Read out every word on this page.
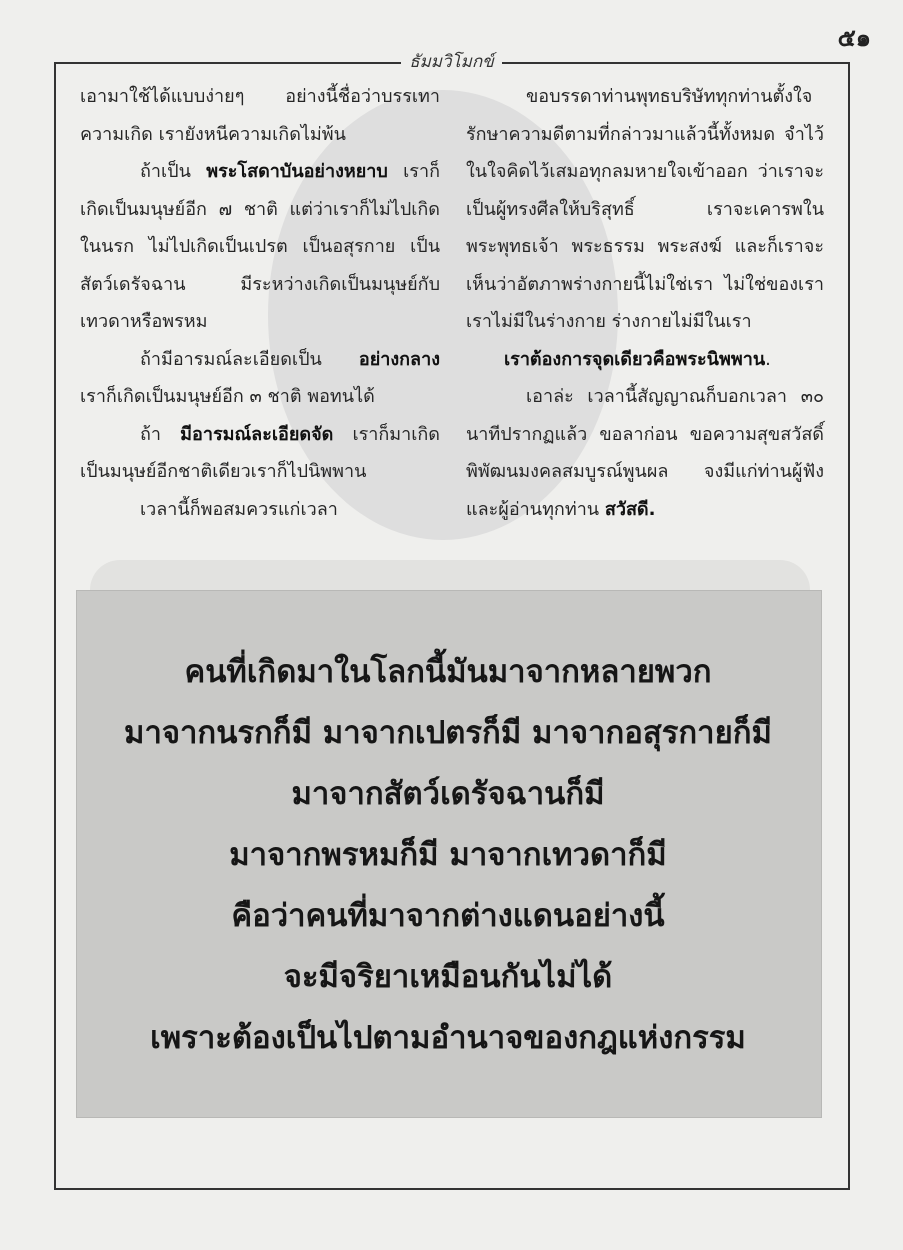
๕๑
ธัมมวิโมกข์

เอามาใช้ได้แบบง่ายๆ อย่างนี้ชื่อว่าบรรเทาความเกิด เรายังหนีความเกิดไม่พ้น

ถ้าเป็น พระโสดาบันอย่างหยาบ เราก็เกิดเป็นมนุษย์อีก ๗ ชาติ แต่ว่าเราก็ไม่ไปเกิดในนรก ไม่ไปเกิดเป็นเปรต เป็นอสุรกาย เป็นสัตว์เดรัจฉาน มีระหว่างเกิดเป็นมนุษย์กับเทวดาหรือพรหม

ถ้ามีอารมณ์ละเอียดเป็น อย่างกลาง เราก็เกิดเป็นมนุษย์อีก ๓ ชาติ พอทนได้

ถ้า มีอารมณ์ละเอียดจัด เราก็มาเกิดเป็นมนุษย์อีกชาติเดียวเราก็ไปนิพพาน

เวลานี้ก็พอสมควรแก่เวลา

ขอบรรดาท่านพุทธบริษัททุกท่านตั้งใจรักษาความดีตามที่กล่าวมาแล้วนี้ทั้งหมด จำไว้ในใจคิดไว้เสมอทุกลมหายใจเข้าออก ว่าเราจะเป็นผู้ทรงศีลให้บริสุทธิ์ เราจะเคารพในพระพุทธเจ้า พระธรรม พระสงฆ์ และก็เราจะเห็นว่าอัตภาพร่างกายนี้ไม่ใช่เรา ไม่ใช่ของเรา เราไม่มีในร่างกาย ร่างกายไม่มีในเรา

เราต้องการจุดเดียวคือพระนิพพาน.

เอาล่ะ เวลานี้สัญญาณก็บอกเวลา ๓๐ นาทีปรากฏแล้ว ขอลาก่อน ขอความสุขสวัสดิ์พิพัฒนมงคลสมบูรณ์พูนผล จงมีแก่ท่านผู้ฟังและผู้อ่านทุกท่าน สวัสดี.

คนที่เกิดมาในโลกนี้มันมาจากหลายพวก
มาจากนรกก็มี มาจากเปตรก็มี มาจากอสุรกายก็มี
มาจากสัตว์เดรัจฉานก็มี
มาจากพรหมก็มี มาจากเทวดาก็มี
คือว่าคนที่มาจากต่างแดนอย่างนี้
จะมีจริยาเหมือนกันไม่ได้
เพราะต้องเป็นไปตามอำนาจของกฎแห่งกรรม
